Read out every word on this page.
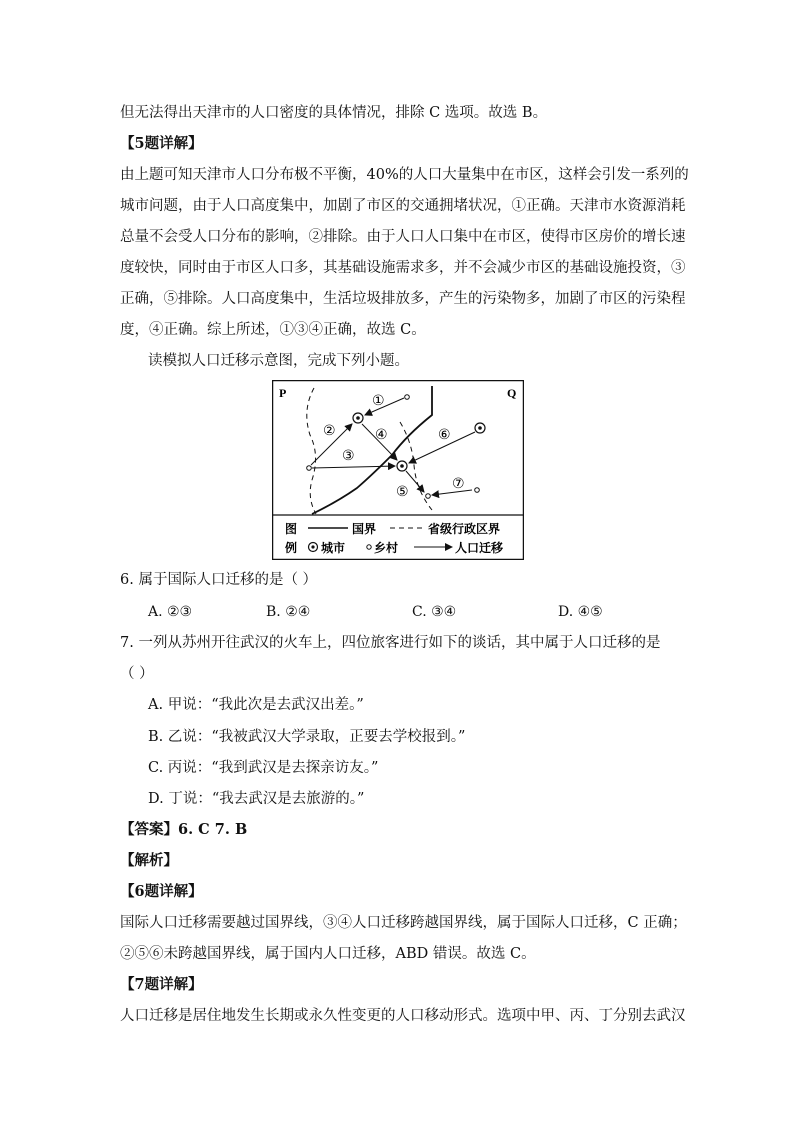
但无法得出天津市的人口密度的具体情况，排除 C 选项。故选 B。
【5题详解】
由上题可知天津市人口分布极不平衡，40%的人口大量集中在市区，这样会引发一系列的
城市问题，由于人口高度集中，加剧了市区的交通拥堵状况，①正确。天津市水资源消耗
总量不会受人口分布的影响，②排除。由于人口人口集中在市区，使得市区房价的增长速
度较快，同时由于市区人口多，其基础设施需求多，并不会减少市区的基础设施投资，③
正确，⑤排除。人口高度集中，生活垃圾排放多，产生的污染物多，加剧了市区的污染程
度，④正确。综上所述，①③④正确，故选 C。
读模拟人口迁移示意图，完成下列小题。
P	Q
①
②
③
④
⑤
⑥
⑦
图
例
国界	省级行政区界
城市 乡村	人口迁移
6. 属于国际人口迁移的是（ ）
A. ②③	B. ②④	C. ③④	D. ④⑤
7. 一列从苏州开往武汉的火车上，四位旅客进行如下的谈话，其中属于人口迁移的是
（ ）
A. 甲说：“我此次是去武汉出差。”
B. 乙说：“我被武汉大学录取，正要去学校报到。”
C. 丙说：“我到武汉是去探亲访友。”
D. 丁说：“我去武汉是去旅游的。”
【答案】6. C 7. B
【解析】
【6题详解】
国际人口迁移需要越过国界线，③④人口迁移跨越国界线，属于国际人口迁移，C 正确；
②⑤⑥未跨越国界线，属于国内人口迁移，ABD 错误。故选 C。
【7题详解】
人口迁移是居住地发生长期或永久性变更的人口移动形式。选项中甲、丙、丁分别去武汉
